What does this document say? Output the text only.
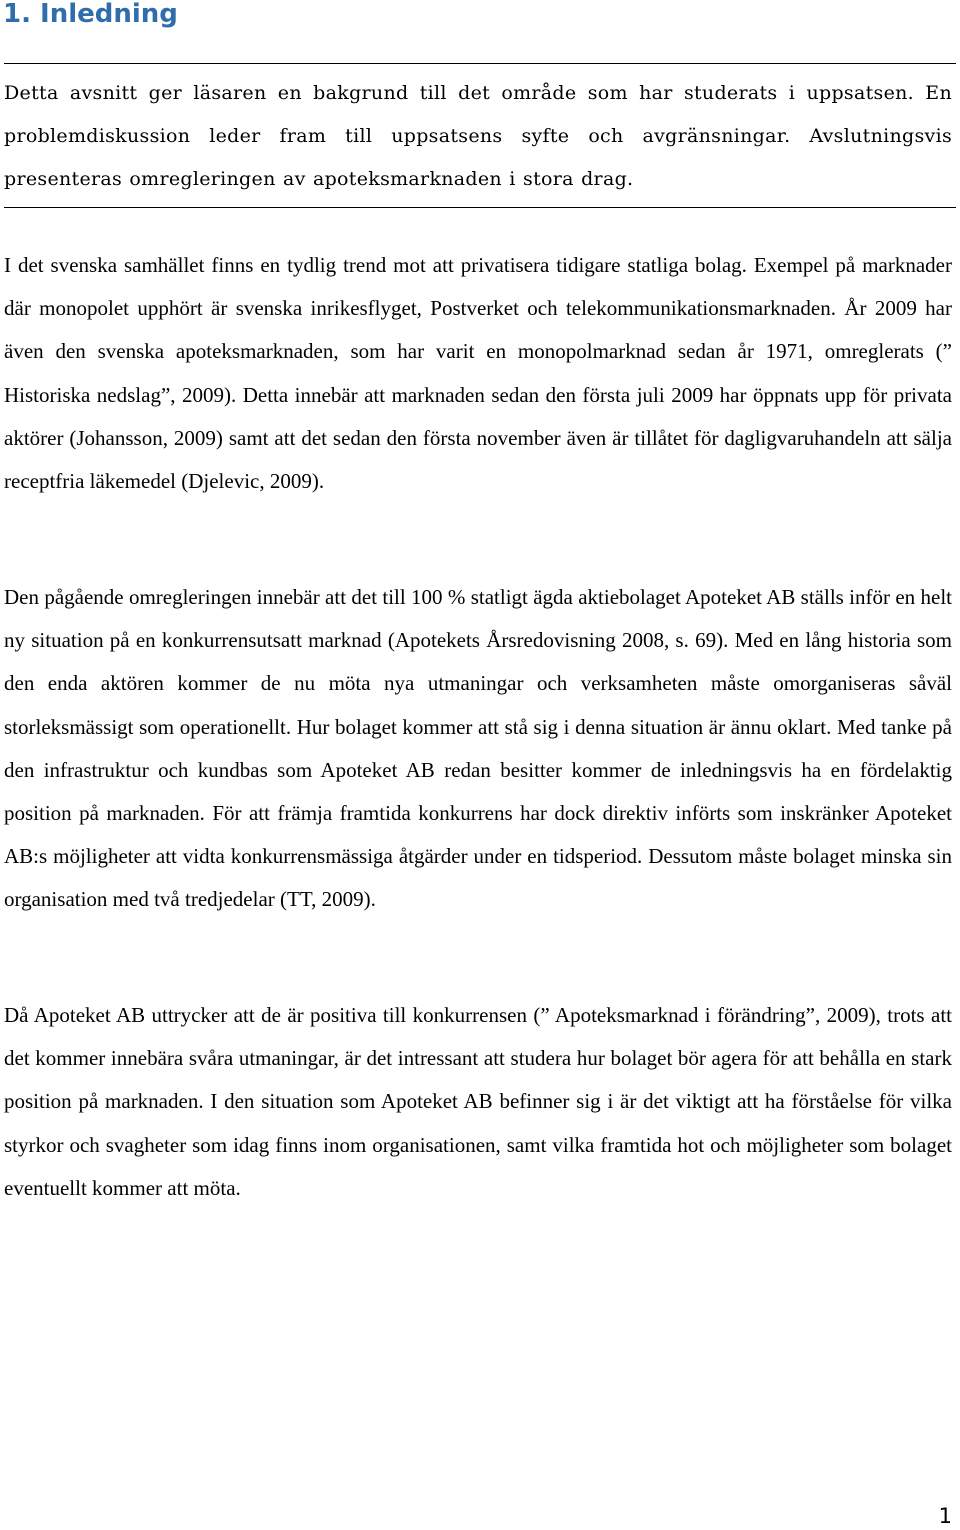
1. Inledning

Detta avsnitt ger läsaren en bakgrund till det område som har studerats i uppsatsen. En problemdiskussion leder fram till uppsatsens syfte och avgränsningar. Avslutningsvis presenteras omregleringen av apoteksmarknaden i stora drag.

I det svenska samhället finns en tydlig trend mot att privatisera tidigare statliga bolag. Exempel på marknader där monopolet upphört är svenska inrikesflyget, Postverket och telekommunikationsmarknaden. År 2009 har även den svenska apoteksmarknaden, som har varit en monopolmarknad sedan år 1971, omreglerats (” Historiska nedslag”, 2009). Detta innebär att marknaden sedan den första juli 2009 har öppnats upp för privata aktörer (Johansson, 2009) samt att det sedan den första november även är tillåtet för dagligvaruhandeln att sälja receptfria läkemedel (Djelevic, 2009).

Den pågående omregleringen innebär att det till 100 % statligt ägda aktiebolaget Apoteket AB ställs inför en helt ny situation på en konkurrensutsatt marknad (Apotekets Årsredovisning 2008, s. 69). Med en lång historia som den enda aktören kommer de nu möta nya utmaningar och verksamheten måste omorganiseras såväl storleksmässigt som operationellt. Hur bolaget kommer att stå sig i denna situation är ännu oklart. Med tanke på den infrastruktur och kundbas som Apoteket AB redan besitter kommer de inledningsvis ha en fördelaktig position på marknaden. För att främja framtida konkurrens har dock direktiv införts som inskränker Apoteket AB:s möjligheter att vidta konkurrensmässiga åtgärder under en tidsperiod. Dessutom måste bolaget minska sin organisation med två tredjedelar (TT, 2009).

Då Apoteket AB uttrycker att de är positiva till konkurrensen (” Apoteksmarknad i förändring”, 2009), trots att det kommer innebära svåra utmaningar, är det intressant att studera hur bolaget bör agera för att behålla en stark position på marknaden. I den situation som Apoteket AB befinner sig i är det viktigt att ha förståelse för vilka styrkor och svagheter som idag finns inom organisationen, samt vilka framtida hot och möjligheter som bolaget eventuellt kommer att möta.

1
